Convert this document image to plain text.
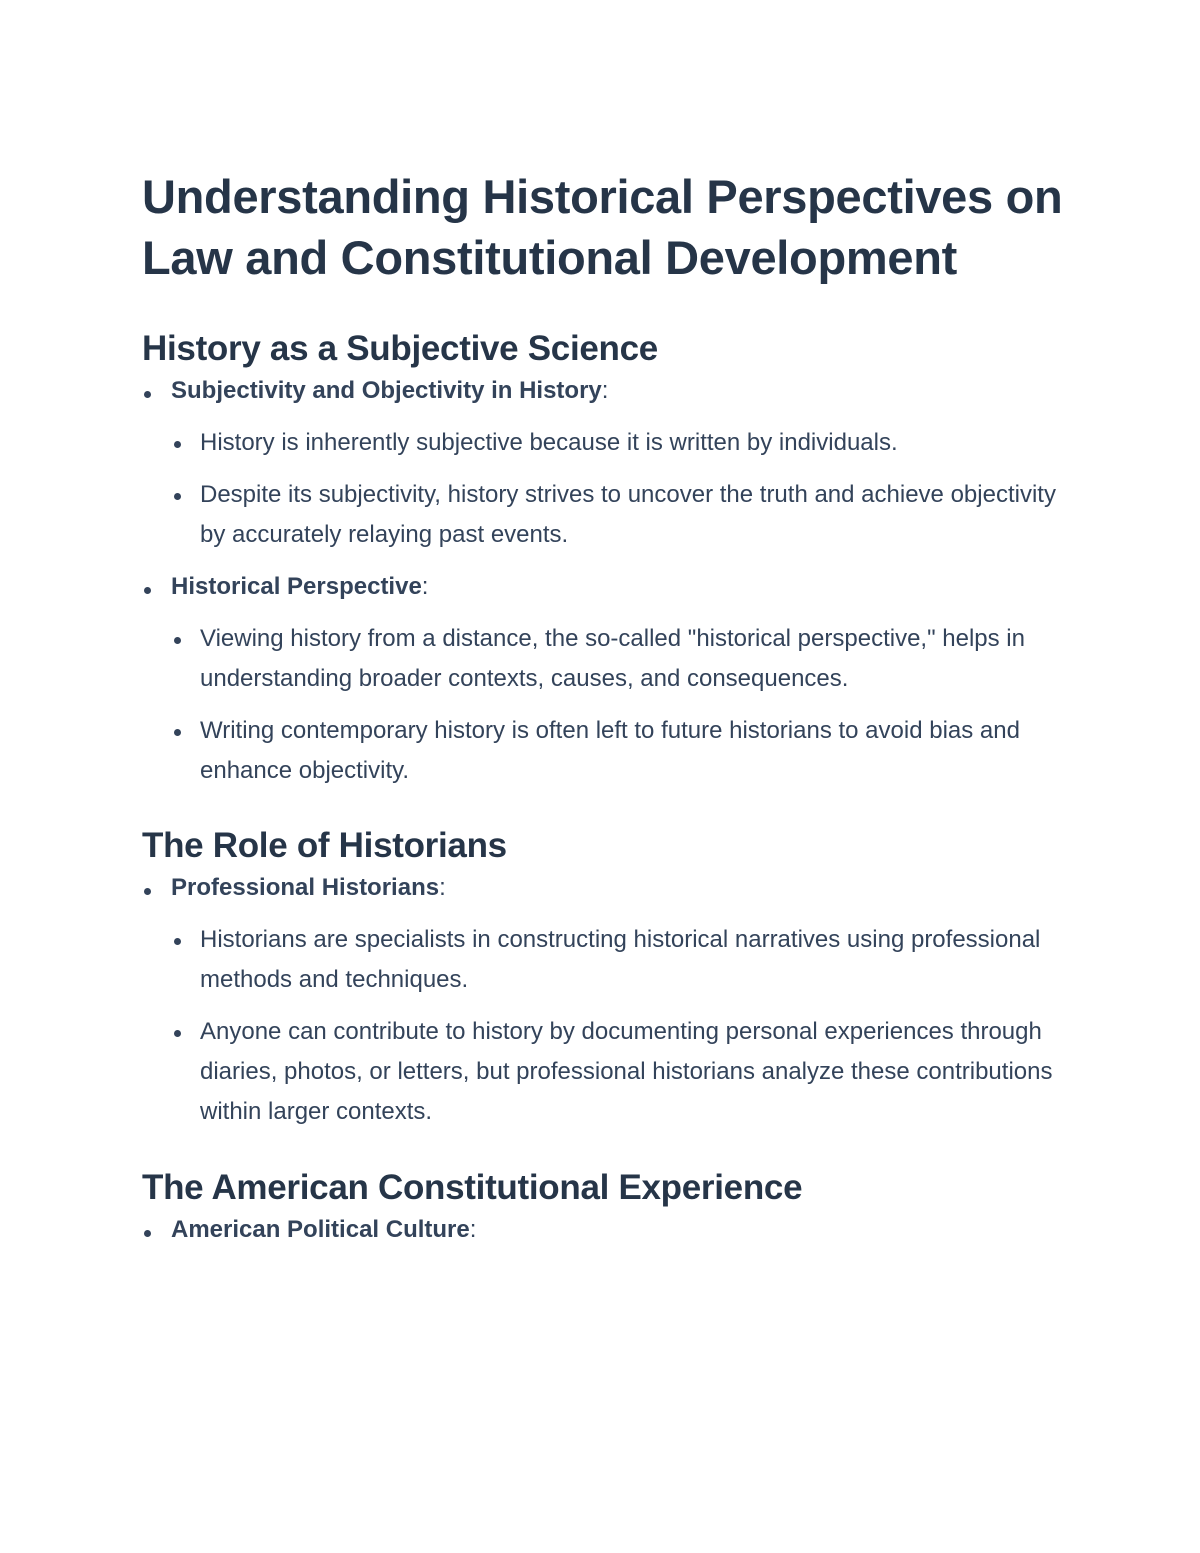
Understanding Historical Perspectives on Law and Constitutional Development
History as a Subjective Science
Subjectivity and Objectivity in History:
History is inherently subjective because it is written by individuals.
Despite its subjectivity, history strives to uncover the truth and achieve objectivity by accurately relaying past events.
Historical Perspective:
Viewing history from a distance, the so-called "historical perspective," helps in understanding broader contexts, causes, and consequences.
Writing contemporary history is often left to future historians to avoid bias and enhance objectivity.
The Role of Historians
Professional Historians:
Historians are specialists in constructing historical narratives using professional methods and techniques.
Anyone can contribute to history by documenting personal experiences through diaries, photos, or letters, but professional historians analyze these contributions within larger contexts.
The American Constitutional Experience
American Political Culture:
